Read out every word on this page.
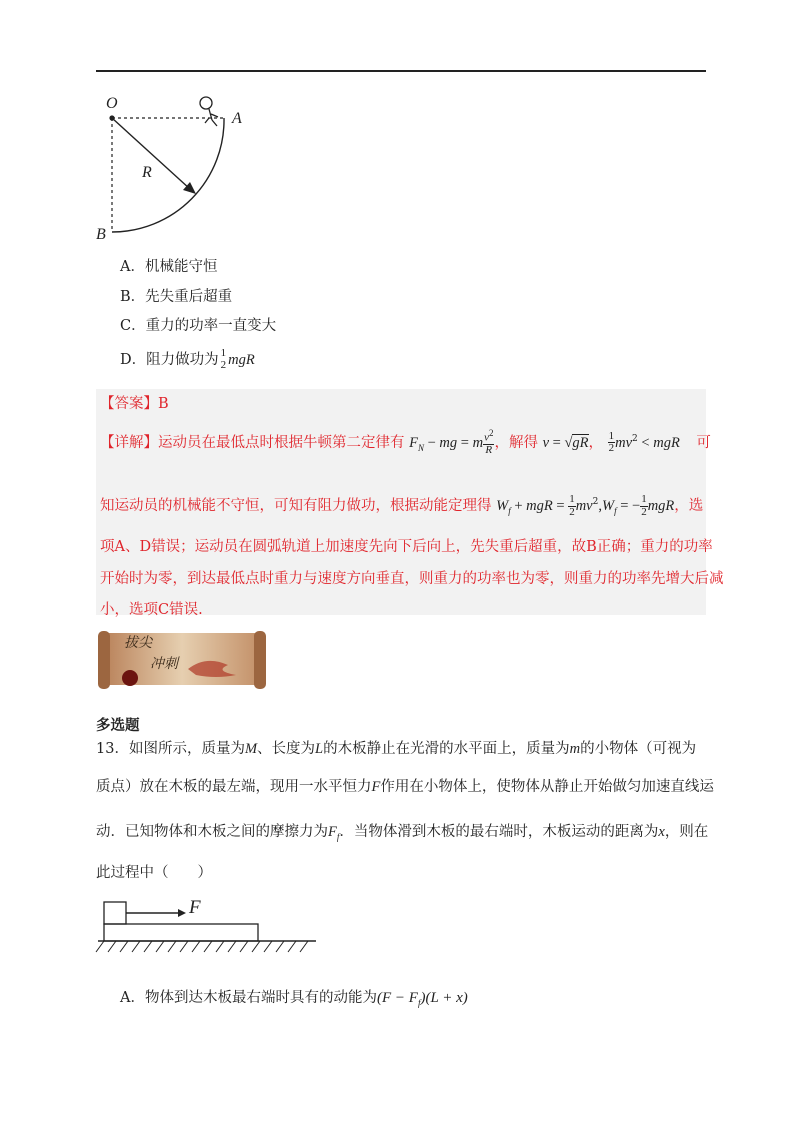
O
A
R
B
A．机械能守恒
B．先失重后超重
C．重力的功率一直变大
D．阻力做功为 1
2 mgR
【答案】B
【详解】运动员在最低点时根据牛顿第二定律有 $F_N$ − mg = m $\frac{v^2}{R}$ ，解得 v = √gR， $\frac{1}{2} mv^2$ < mgR 可
知运动员的机械能不守恒，可知有阻力做功，根据动能定理得 $W_f$ + mgR = $\frac{1}{2} mv^2,W_f$ = − $\frac{1}{2}$ mgR，选
项A、D错误；运动员在圆弧轨道上加速度先向下后向上，先失重后超重，故B正确；重力的功率
开始时为零，到达最低点时重力与速度方向垂直，则重力的功率也为零，则重力的功率先增大后减
小，选项C错误.
拔尖
冲刺
多选题
13．如图所示，质量为M、长度为L的木板静止在光滑的水平面上，质量为m的小物体（可视为
质点）放在木板的最左端，现用一水平恒力F作用在小物体上，使物体从静止开始做匀加速直线运
动．已知物体和木板之间的摩擦力为$F_f$．当物体滑到木板的最右端时，木板运动的距离为x，则在
此过程中（　　）
F
A．物体到达木板最右端时具有的动能为$(F - F_f)(L + x)$
